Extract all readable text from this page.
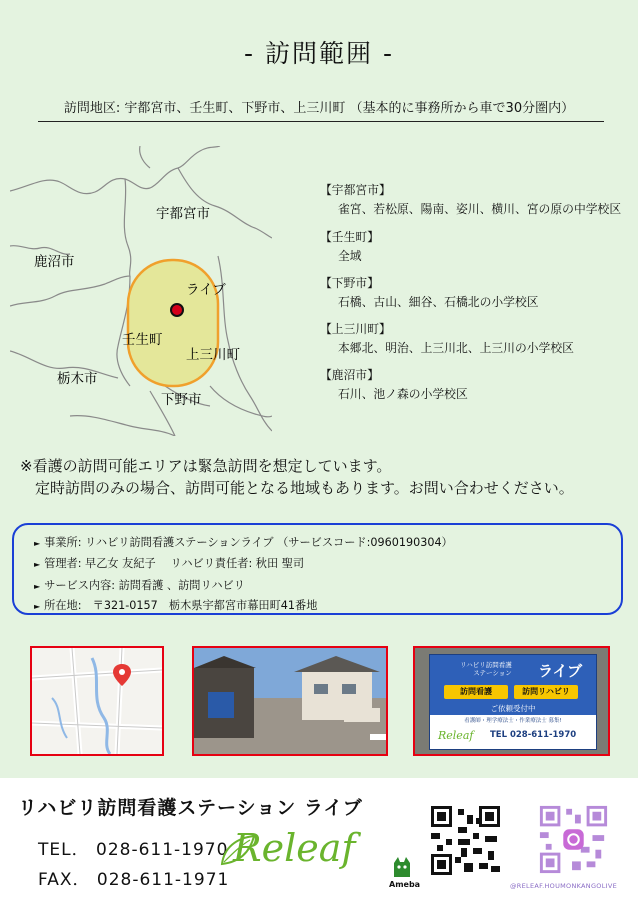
- 訪問範囲 -
訪問地区: 宇都宮市、壬生町、下野市、上三川町 （基本的に事務所から車で30分圏内）
宇都宮市
鹿沼市
ライブ
壬生町
上三川町
栃木市
下野市
【宇都宮市】
雀宮、若松原、陽南、姿川、横川、宮の原の中学校区
【壬生町】
全域
【下野市】
石橋、古山、細谷、石橋北の小学校区
【上三川町】
本郷北、明治、上三川北、上三川の小学校区
【鹿沼市】
石川、池ノ森の小学校区
※看護の訪問可能エリアは緊急訪問を想定しています。
　定時訪問のみの場合、訪問可能となる地域もあります。お問い合わせください。
► 事業所: リハビリ訪問看護ステーションライブ （サービスコード:0960190304）
► 管理者: 早乙女 友紀子　 リハビリ責任者: 秋田 聖司
► サービス内容: 訪問看護 、訪問リハビリ
► 所在地:　〒321-0157　栃木県宇都宮市幕田町41番地
リハビリ訪問看護
ステーション ライブ
訪問看護	訪問リハビリ
ご依頼受付中
看護師・理学療法士・作業療法士 募集!
Releaf TEL 028-611-1970
リハビリ訪問看護ステーション ライブ
TEL． 028-611-1970
FAX． 028-611-1971
Releaf
Ameba	@RELEAF.HOUMONKANGOLIVE
